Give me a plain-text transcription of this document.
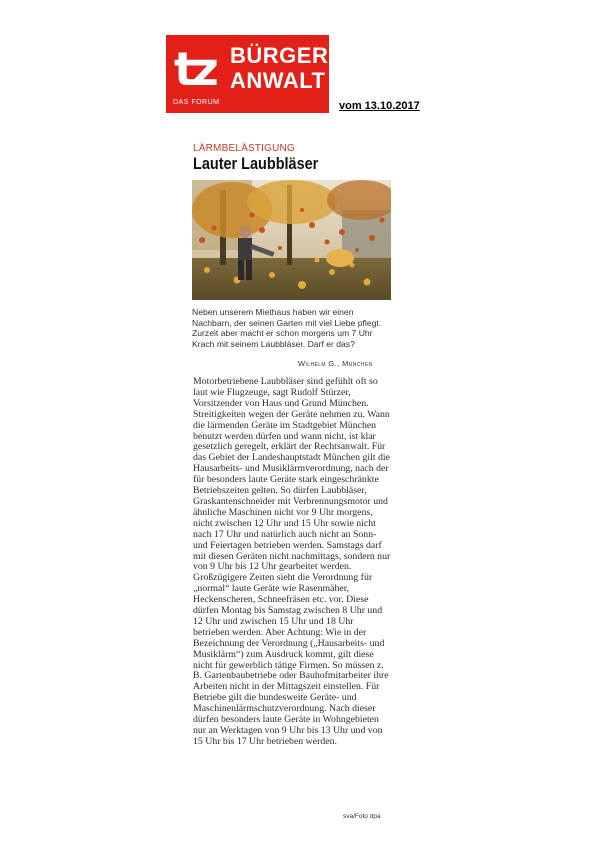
tz BÜRGER
ANWALT
DAS FORUM	vom 13.10.2017
LÄRMBELÄSTIGUNG
Lauter Laubbläser
Neben unserem Miethaus haben wir einen Nachbarn, der seinen Garten mit viel Liebe pflegt. Zurzeit aber macht er schon morgens um 7 Uhr Krach mit seinem Laubbläser. Darf er das?
Wilhelm G., München

Motorbetriebene Laubbläser sind gefühlt oft so laut wie Flugzeuge, sagt Rudolf Stürzer, Vorsitzender von Haus und Grund München. Streitigkeiten wegen der Geräte nehmen zu. Wann die lärmenden Geräte im Stadtgebiet München benutzt werden dürfen und wann nicht, ist klar gesetzlich geregelt, erklärt der Rechtsanwalt. Für das Gebiet der Landeshauptstadt München gilt die Hausarbeits- und Musiklärmverordnung, nach der für besonders laute Geräte stark eingeschränkte Betriebszeiten gelten. So dürfen Laubbläser, Graskantenschneider mit Verbrennungsmotor und ähnliche Maschinen nicht vor 9 Uhr morgens, nicht zwischen 12 Uhr und 15 Uhr sowie nicht nach 17 Uhr und natürlich auch nicht an Sonn- und Feiertagen betrieben werden. Samstags darf mit diesen Geräten nicht nachmittags, sondern nur von 9 Uhr bis 12 Uhr gearbeitet werden. Großzügigere Zeiten sieht die Verordnung für „normal“ laute Geräte wie Rasenmäher, Heckenscheren, Schneefräsen etc. vor. Diese dürfen Montag bis Samstag zwischen 8 Uhr und 12 Uhr und zwischen 15 Uhr und 18 Uhr betrieben werden. Aber Achtung: Wie in der Bezeichnung der Verordnung („Hausarbeits- und Musiklärm“) zum Ausdruck kommt, gilt diese nicht für gewerblich tätige Firmen. So müssen z. B. Gartenbaubetriebe oder Bauhofmitarbeiter ihre Arbeiten nicht in der Mittagszeit einstellen. Für Betriebe gilt die bundesweite Geräte- und Maschinenlärmschutzverordnung. Nach dieser dürfen besonders laute Geräte in Wohngebieten nur an Werktagen von 9 Uhr bis 13 Uhr und von 15 Uhr bis 17 Uhr betrieben werden.

sva/Foto dpa
